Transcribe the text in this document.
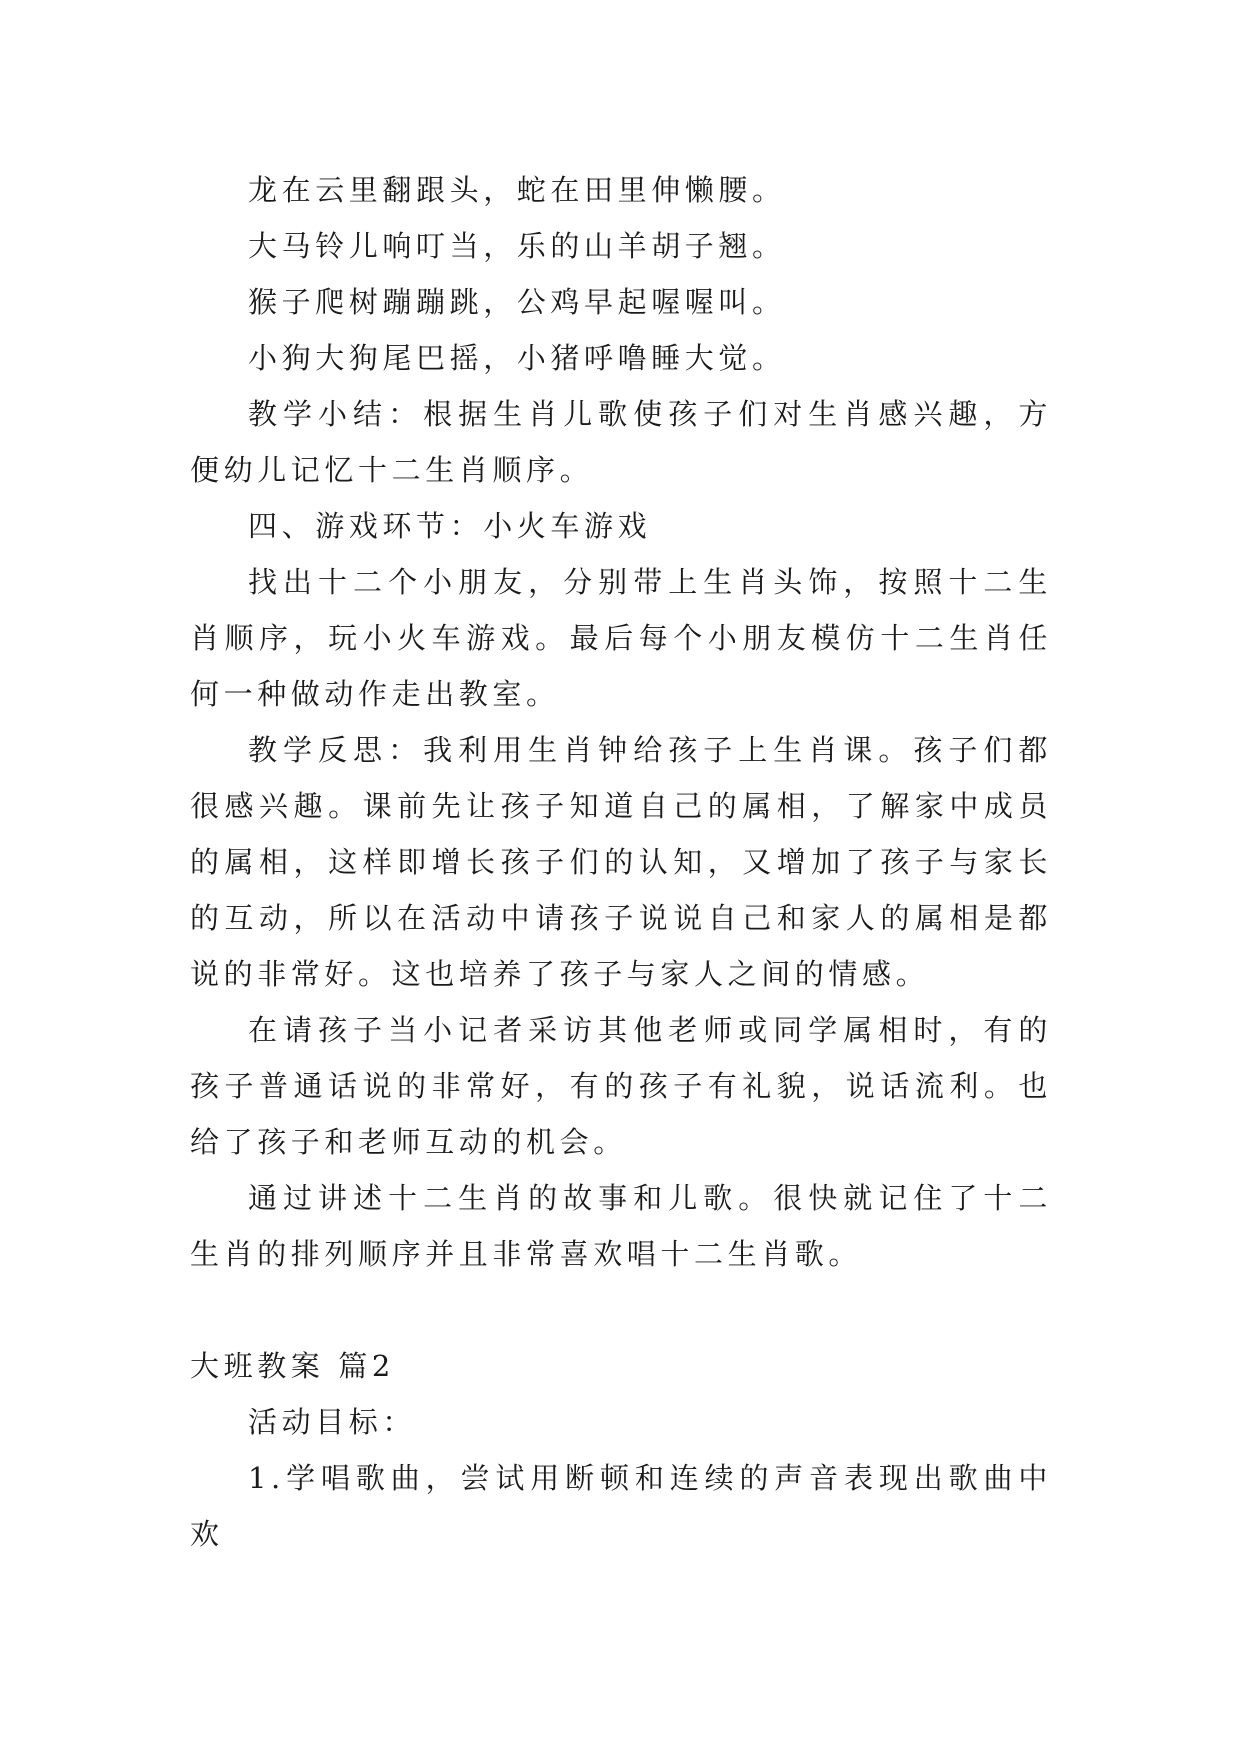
龙在云里翻跟头，蛇在田里伸懒腰。

大马铃儿响叮当，乐的山羊胡子翘。

猴子爬树蹦蹦跳，公鸡早起喔喔叫。

小狗大狗尾巴摇，小猪呼噜睡大觉。

教学小结：根据生肖儿歌使孩子们对生肖感兴趣，方便幼儿记忆十二生肖顺序。

四、游戏环节：小火车游戏

找出十二个小朋友，分别带上生肖头饰，按照十二生肖顺序，玩小火车游戏。最后每个小朋友模仿十二生肖任何一种做动作走出教室。

教学反思：我利用生肖钟给孩子上生肖课。孩子们都很感兴趣。课前先让孩子知道自己的属相，了解家中成员的属相，这样即增长孩子们的认知，又增加了孩子与家长的互动，所以在活动中请孩子说说自己和家人的属相是都说的非常好。这也培养了孩子与家人之间的情感。

在请孩子当小记者采访其他老师或同学属相时，有的孩子普通话说的非常好，有的孩子有礼貌，说话流利。也给了孩子和老师互动的机会。

通过讲述十二生肖的故事和儿歌。很快就记住了十二生肖的排列顺序并且非常喜欢唱十二生肖歌。

大班教案 篇2

活动目标：

1.学唱歌曲，尝试用断顿和连续的声音表现出歌曲中欢
